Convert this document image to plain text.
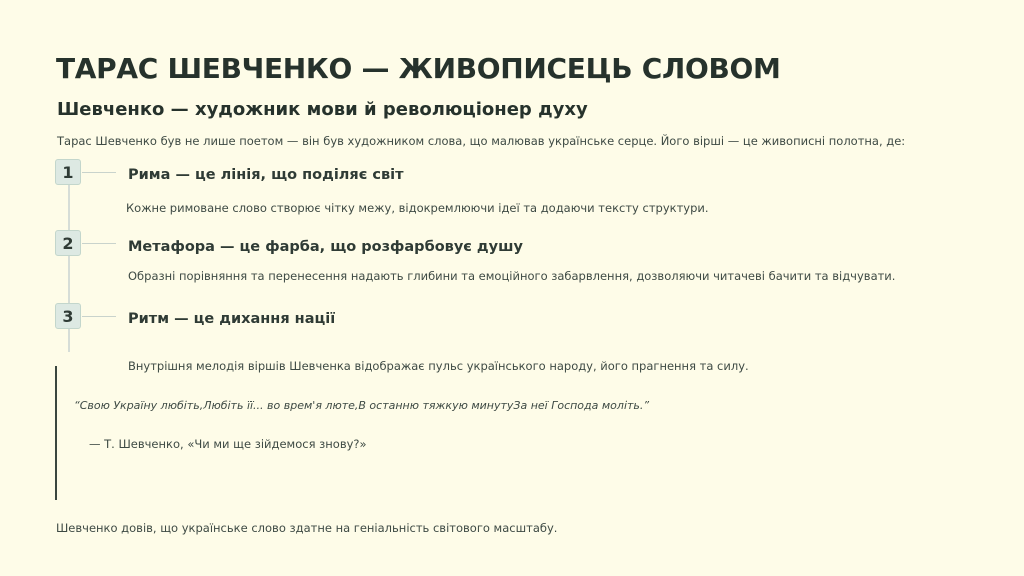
ТАРАС ШЕВЧЕНКО — ЖИВОПИСЕЦЬ СЛОВОМ
Шевченко — художник мови й революціонер духу
Тарас Шевченко був не лише поетом — він був художником слова, що малював українське серце. Його вірші — це живописні полотна, де:
1	Рима — це лінія, що поділяє світ
Кожне римоване слово створює чітку межу, відокремлюючи ідеї та додаючи тексту структури.
2	Метафора — це фарба, що розфарбовує душу
Образні порівняння та перенесення надають глибини та емоційного забарвлення, дозволяючи читачеві бачити та відчувати.
3	Ритм — це дихання нації
Внутрішня мелодія віршів Шевченка відображає пульс українського народу, його прагнення та силу.
“Свою Україну любіть,Любіть її... во врем'я люте,В останню тяжкую минутуЗа неї Господа моліть.”
— Т. Шевченко, «Чи ми ще зійдемося знову?»
Шевченко довів, що українське слово здатне на геніальність світового масштабу.
